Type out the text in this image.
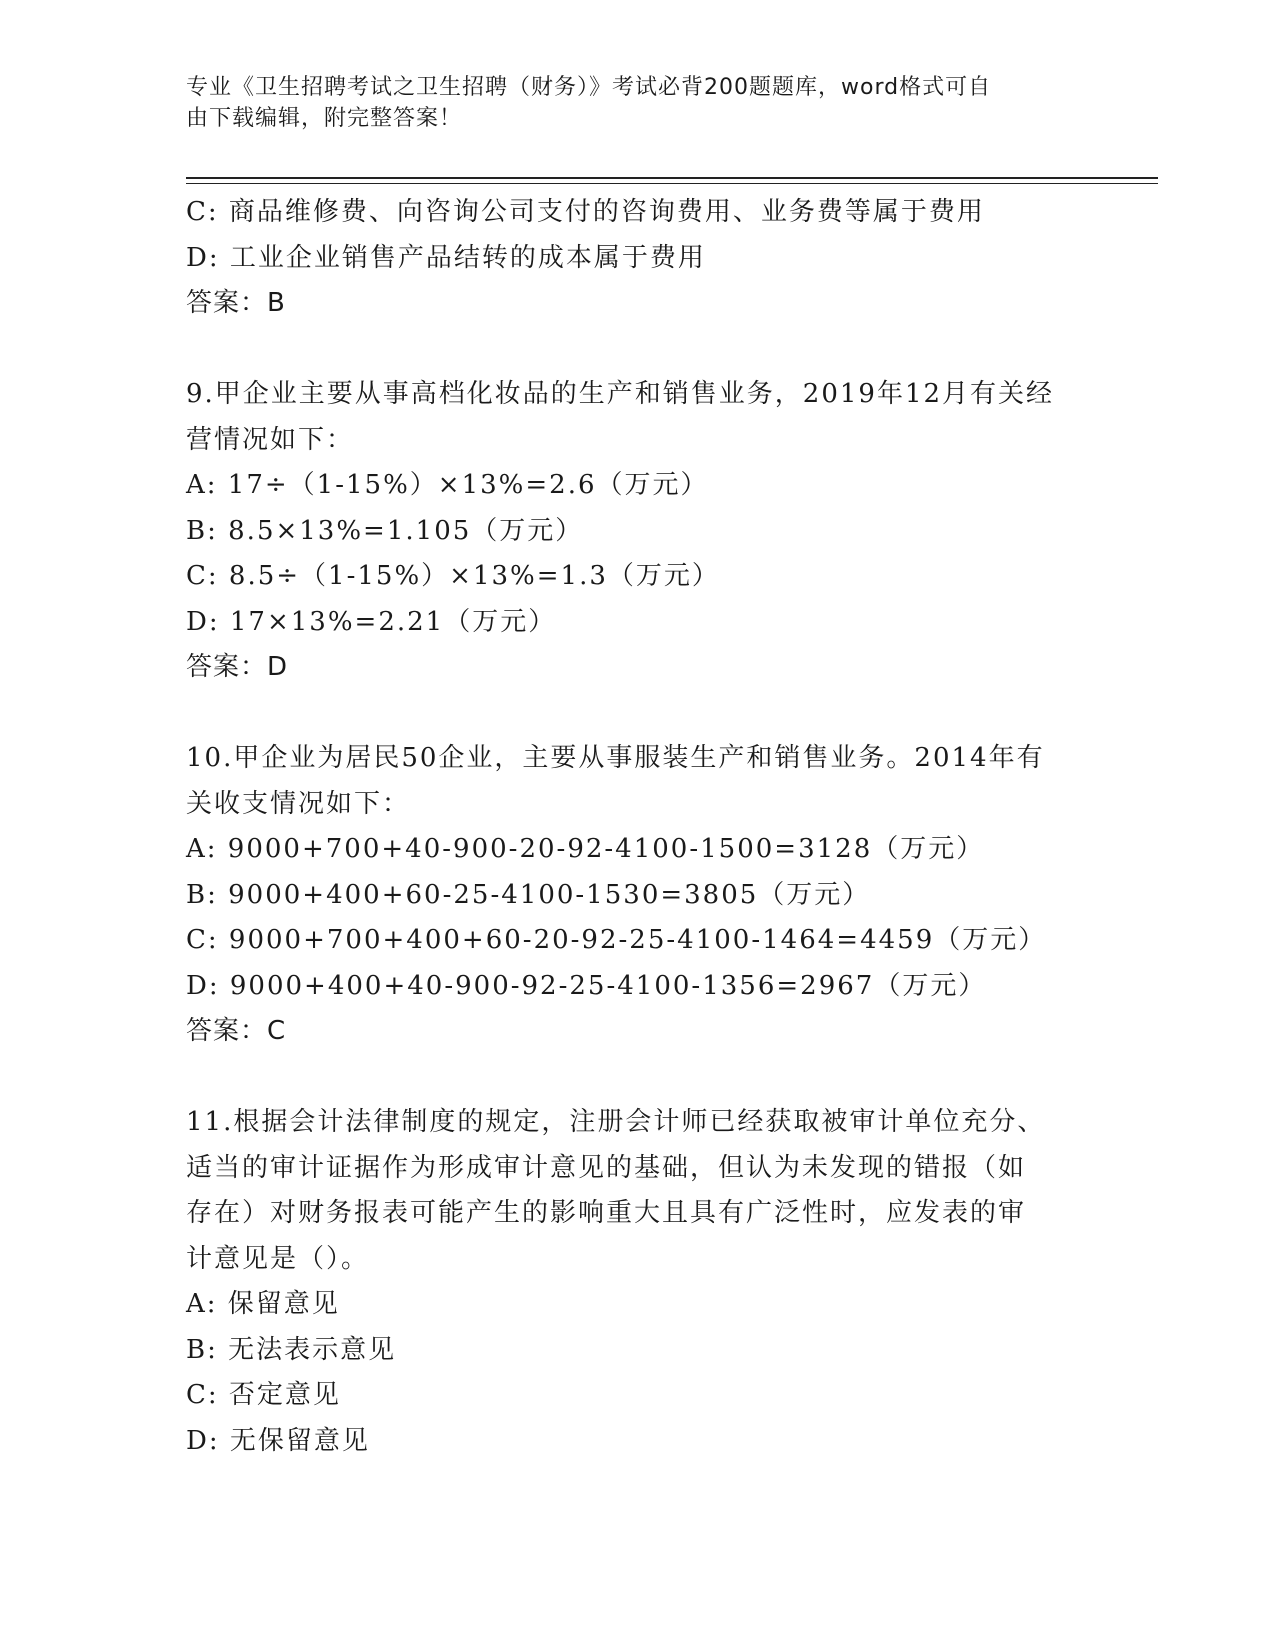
专业《卫生招聘考试之卫生招聘（财务）》考试必背200题题库，word格式可自
由下载编辑，附完整答案！
C: 商品维修费、向咨询公司支付的咨询费用、业务费等属于费用
D: 工业企业销售产品结转的成本属于费用
答案：B
9.甲企业主要从事高档化妆品的生产和销售业务，2019年12月有关经
营情况如下：
A: 17÷（1-15%）×13%=2.6（万元）
B: 8.5×13%=1.105（万元）
C: 8.5÷（1-15%）×13%=1.3（万元）
D: 17×13%=2.21（万元）
答案：D
10.甲企业为居民50企业，主要从事服装生产和销售业务。2014年有
关收支情况如下：
A: 9000+700+40-900-20-92-4100-1500=3128（万元）
B: 9000+400+60-25-4100-1530=3805（万元）
C: 9000+700+400+60-20-92-25-4100-1464=4459（万元）
D: 9000+400+40-900-92-25-4100-1356=2967（万元）
答案：C
11.根据会计法律制度的规定，注册会计师已经获取被审计单位充分、
适当的审计证据作为形成审计意见的基础，但认为未发现的错报（如
存在）对财务报表可能产生的影响重大且具有广泛性时，应发表的审
计意见是（）。
A: 保留意见
B: 无法表示意见
C: 否定意见
D: 无保留意见
